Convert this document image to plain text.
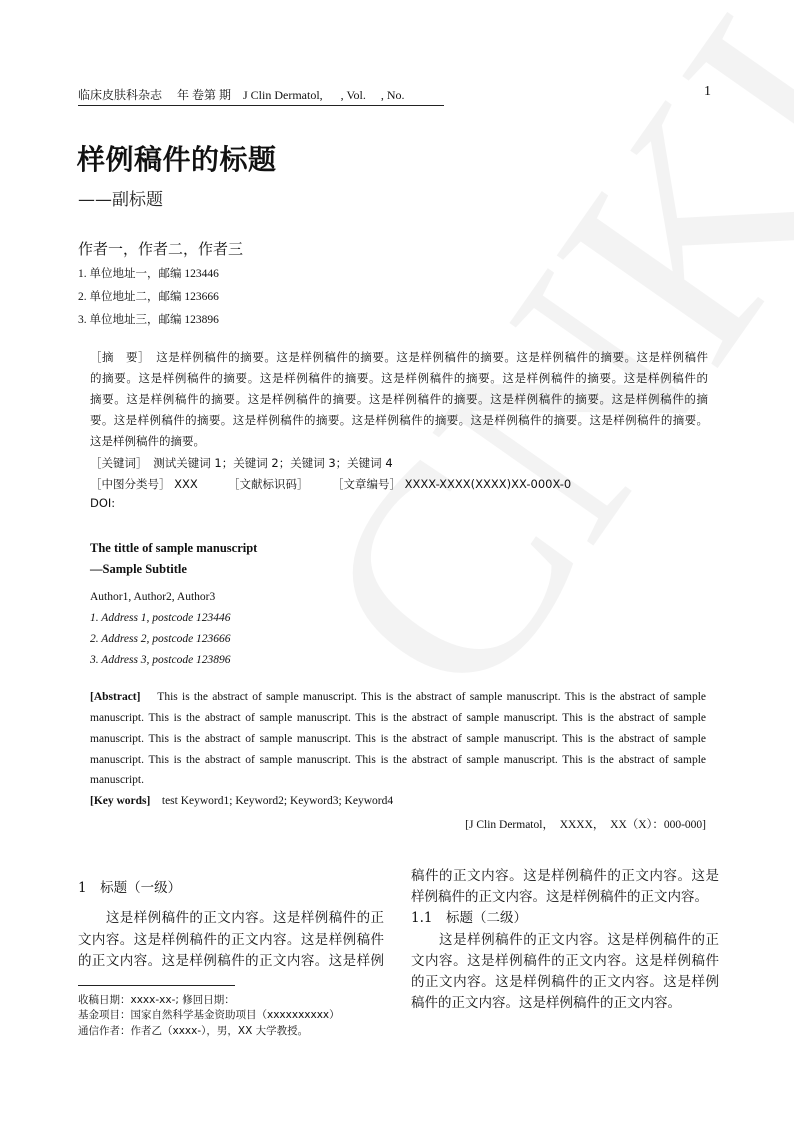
临床皮肤科杂志　 年 卷第 期　J Clin Dermatol, 　 , Vol. 　, No.	1
样例稿件的标题
——副标题
作者一，作者二，作者三
1. 单位地址一，邮编 123446
2. 单位地址二，邮编 123666
3. 单位地址三，邮编 123896
［摘　要］　这是样例稿件的摘要。这是样例稿件的摘要。这是样例稿件的摘要。这是样例稿件的摘要。这是样例稿件
的摘要。这是样例稿件的摘要。这是样例稿件的摘要。这是样例稿件的摘要。这是样例稿件的摘要。这是样例稿件的
摘要。这是样例稿件的摘要。这是样例稿件的摘要。这是样例稿件的摘要。这是样例稿件的摘要。这是样例稿件的摘
要。这是样例稿件的摘要。这是样例稿件的摘要。这是样例稿件的摘要。这是样例稿件的摘要。这是样例稿件的摘要。
这是样例稿件的摘要。
［关键词］　测试关键词 1；关键词 2；关键词 3；关键词 4
［中图分类号］ XXX	［文献标识码］ ［文章编号］ XXXX-XXXX(XXXX)XX-000X-0
DOI:
The tittle of sample manuscript
—Sample Subtitle
Author1, Author2, Author3
1. Address 1, postcode 123446
2. Address 2, postcode 123666
3. Address 3, postcode 123896
[Abstract] This is the abstract of sample manuscript. This is the abstract of sample manuscript. This is the abstract of sample
manuscript. This is the abstract of sample manuscript. This is the abstract of sample manuscript. This is the abstract of sample
manuscript. This is the abstract of sample manuscript. This is the abstract of sample manuscript. This is the abstract of sample
manuscript. This is the abstract of sample manuscript. This is the abstract of sample manuscript. This is the abstract of sample
manuscript.
[Key words] test Keyword1; Keyword2; Keyword3; Keyword4
[J Clin Dermatol，　XXXX，　XX（X）：000-000]
1　标题（一级）
　　这是样例稿件的正文内容。这是样例稿件的正
文内容。这是样例稿件的正文内容。这是样例稿件
的正文内容。这是样例稿件的正文内容。这是样例
收稿日期：xxxx-xx-; 修回日期：
基金项目：国家自然科学基金资助项目（xxxxxxxxxx）
通信作者：作者乙（xxxx-），男，XX 大学教授。
稿件的正文内容。这是样例稿件的正文内容。这是
样例稿件的正文内容。这是样例稿件的正文内容。
1.1　标题（二级）
　　这是样例稿件的正文内容。这是样例稿件的正
文内容。这是样例稿件的正文内容。这是样例稿件
的正文内容。这是样例稿件的正文内容。这是样例
稿件的正文内容。这是样例稿件的正文内容。
